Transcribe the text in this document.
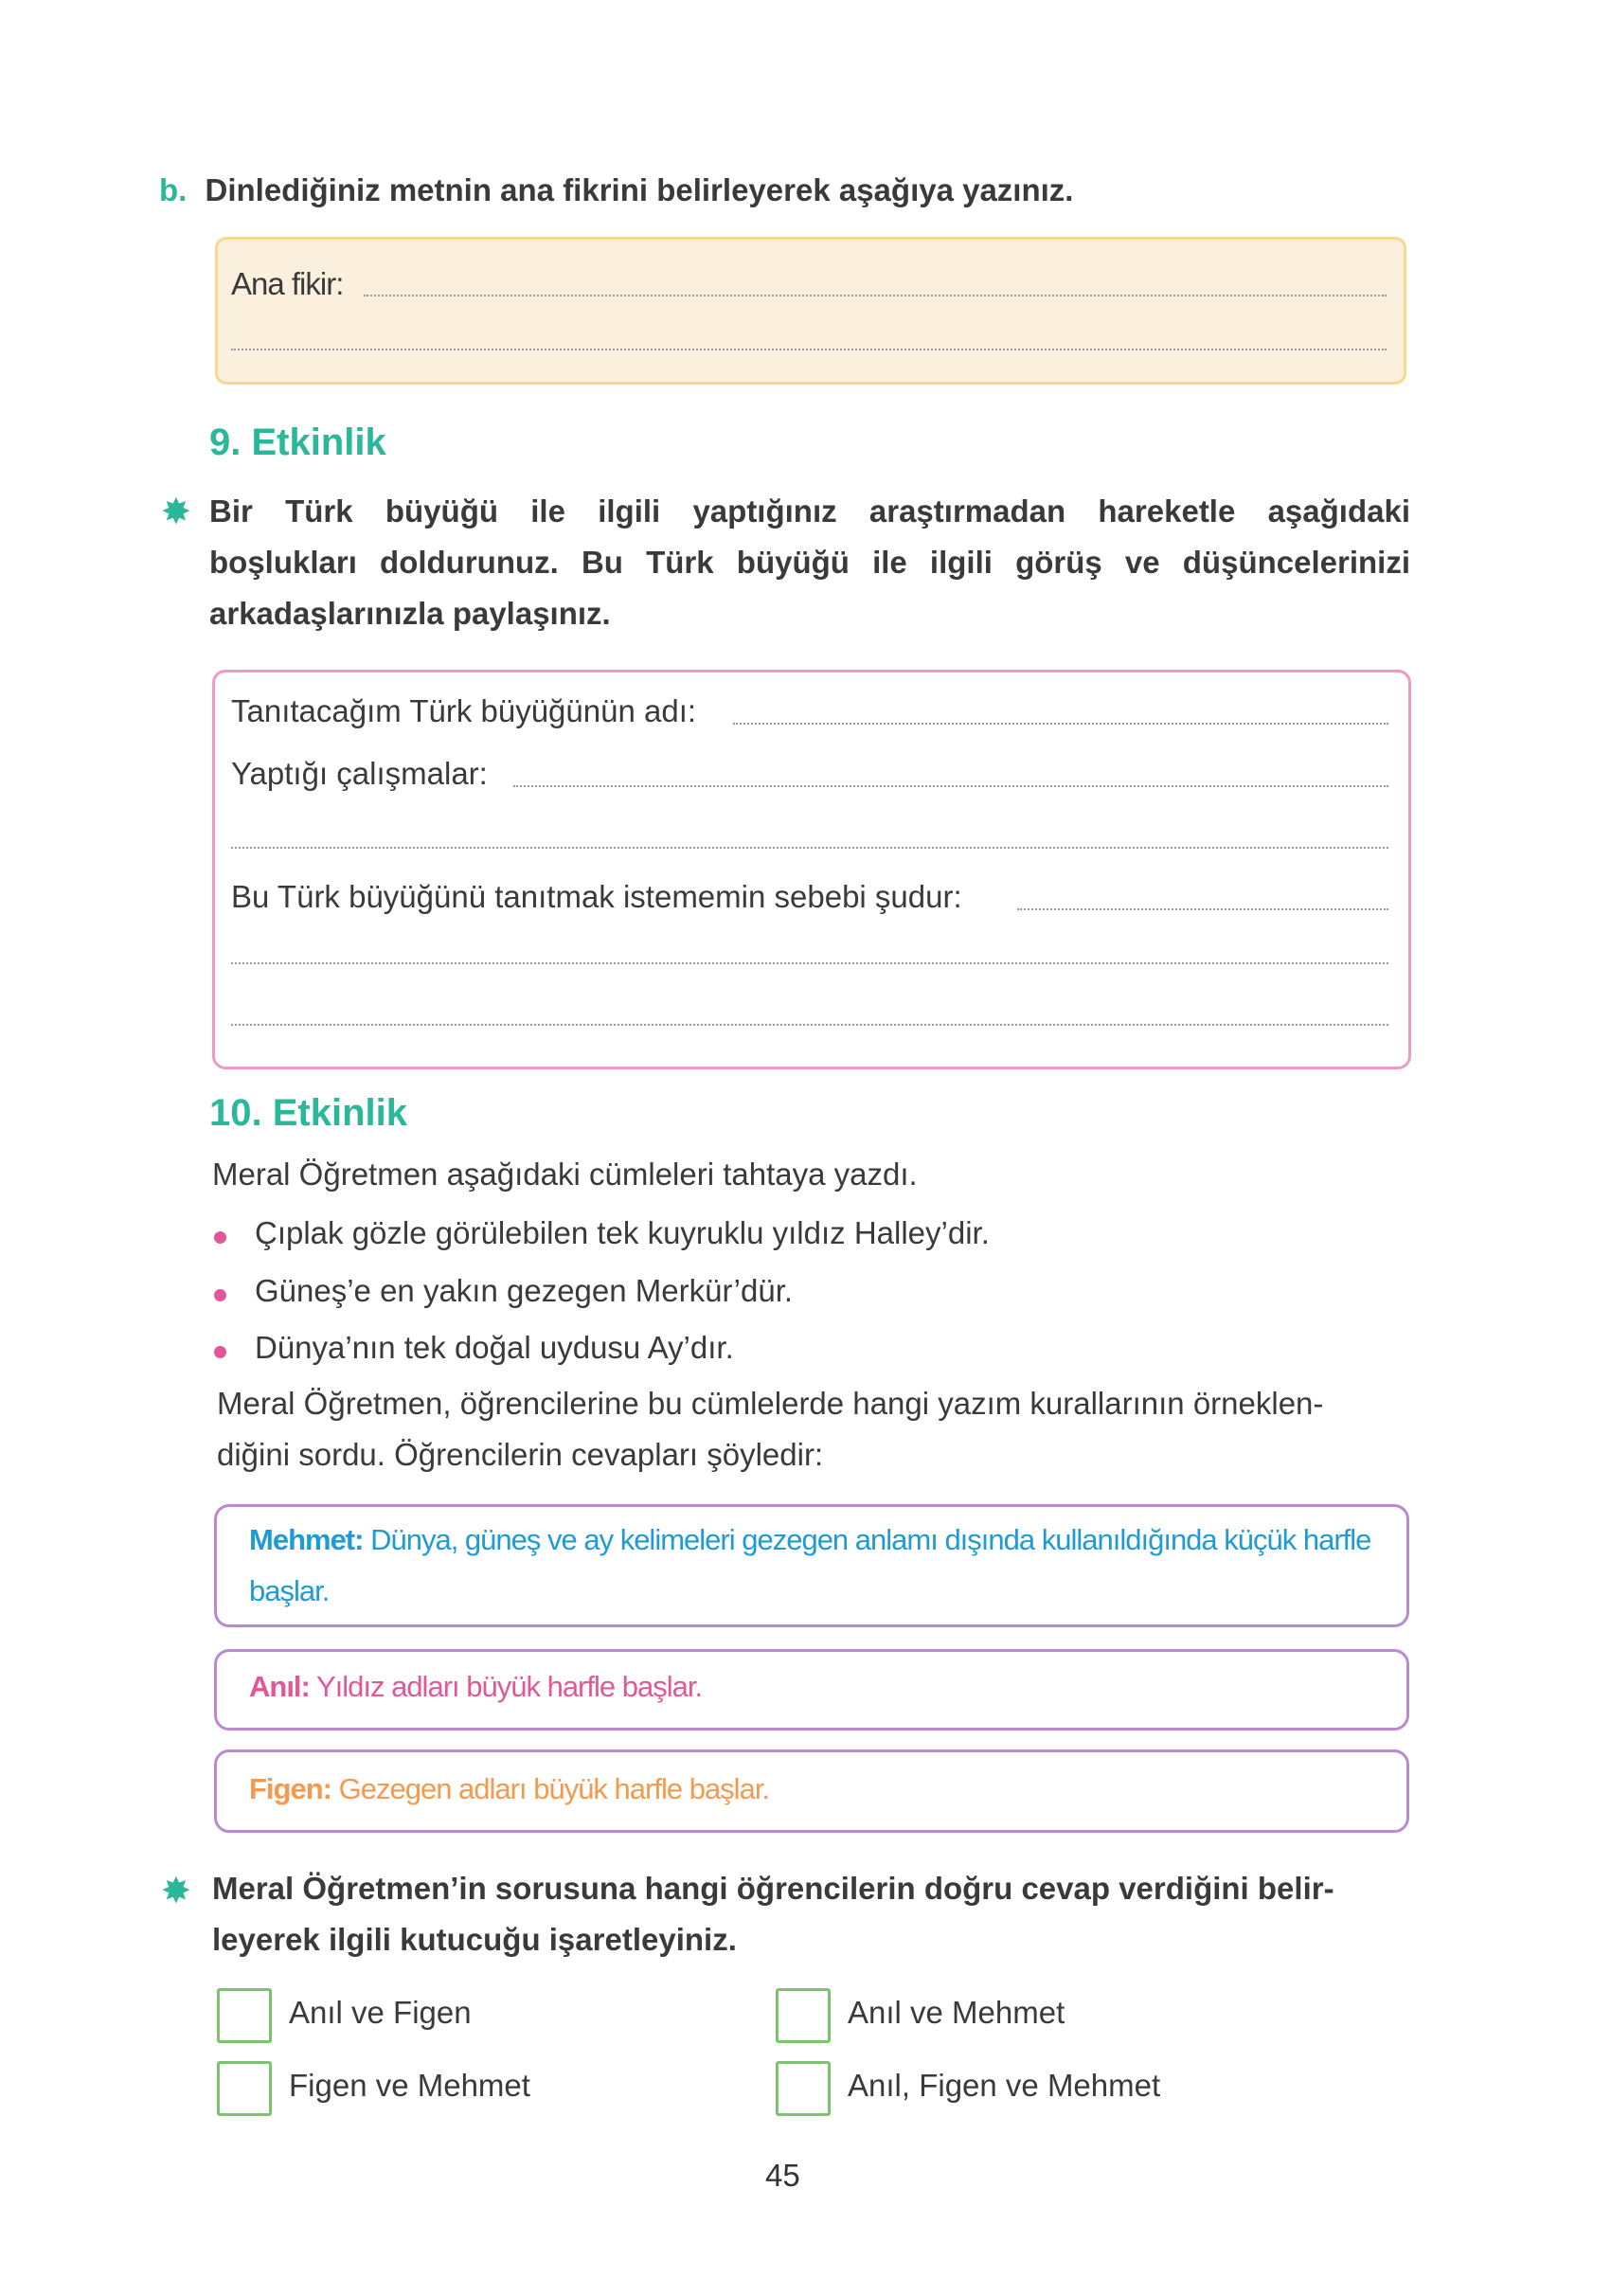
b. Dinlediğiniz metnin ana fikrini belirleyerek aşağıya yazınız.
Ana fikir:
9. Etkinlik
✸ Bir Türk büyüğü ile ilgili yaptığınız araştırmadan hareketle aşağıdaki
boşlukları doldurunuz. Bu Türk büyüğü ile ilgili görüş ve düşüncelerinizi
arkadaşlarınızla paylaşınız.
Tanıtacağım Türk büyüğünün adı:
Yaptığı çalışmalar:
Bu Türk büyüğünü tanıtmak istememin sebebi şudur:
10. Etkinlik
Meral Öğretmen aşağıdaki cümleleri tahtaya yazdı.
Çıplak gözle görülebilen tek kuyruklu yıldız Halley’dir.
Güneş’e en yakın gezegen Merkür’dür.
Dünya’nın tek doğal uydusu Ay’dır.
Meral Öğretmen, öğrencilerine bu cümlelerde hangi yazım kurallarının örneklen-
diğini sordu. Öğrencilerin cevapları şöyledir:
Mehmet: Dünya, güneş ve ay kelimeleri gezegen anlamı dışında kullanıldığında küçük harfle
başlar.
Anıl: Yıldız adları büyük harfle başlar.
Figen: Gezegen adları büyük harfle başlar.
✸ Meral Öğretmen’in sorusuna hangi öğrencilerin doğru cevap verdiğini belir-
leyerek ilgili kutucuğu işaretleyiniz.
Anıl ve Figen	Anıl ve Mehmet
Figen ve Mehmet	Anıl, Figen ve Mehmet
45
